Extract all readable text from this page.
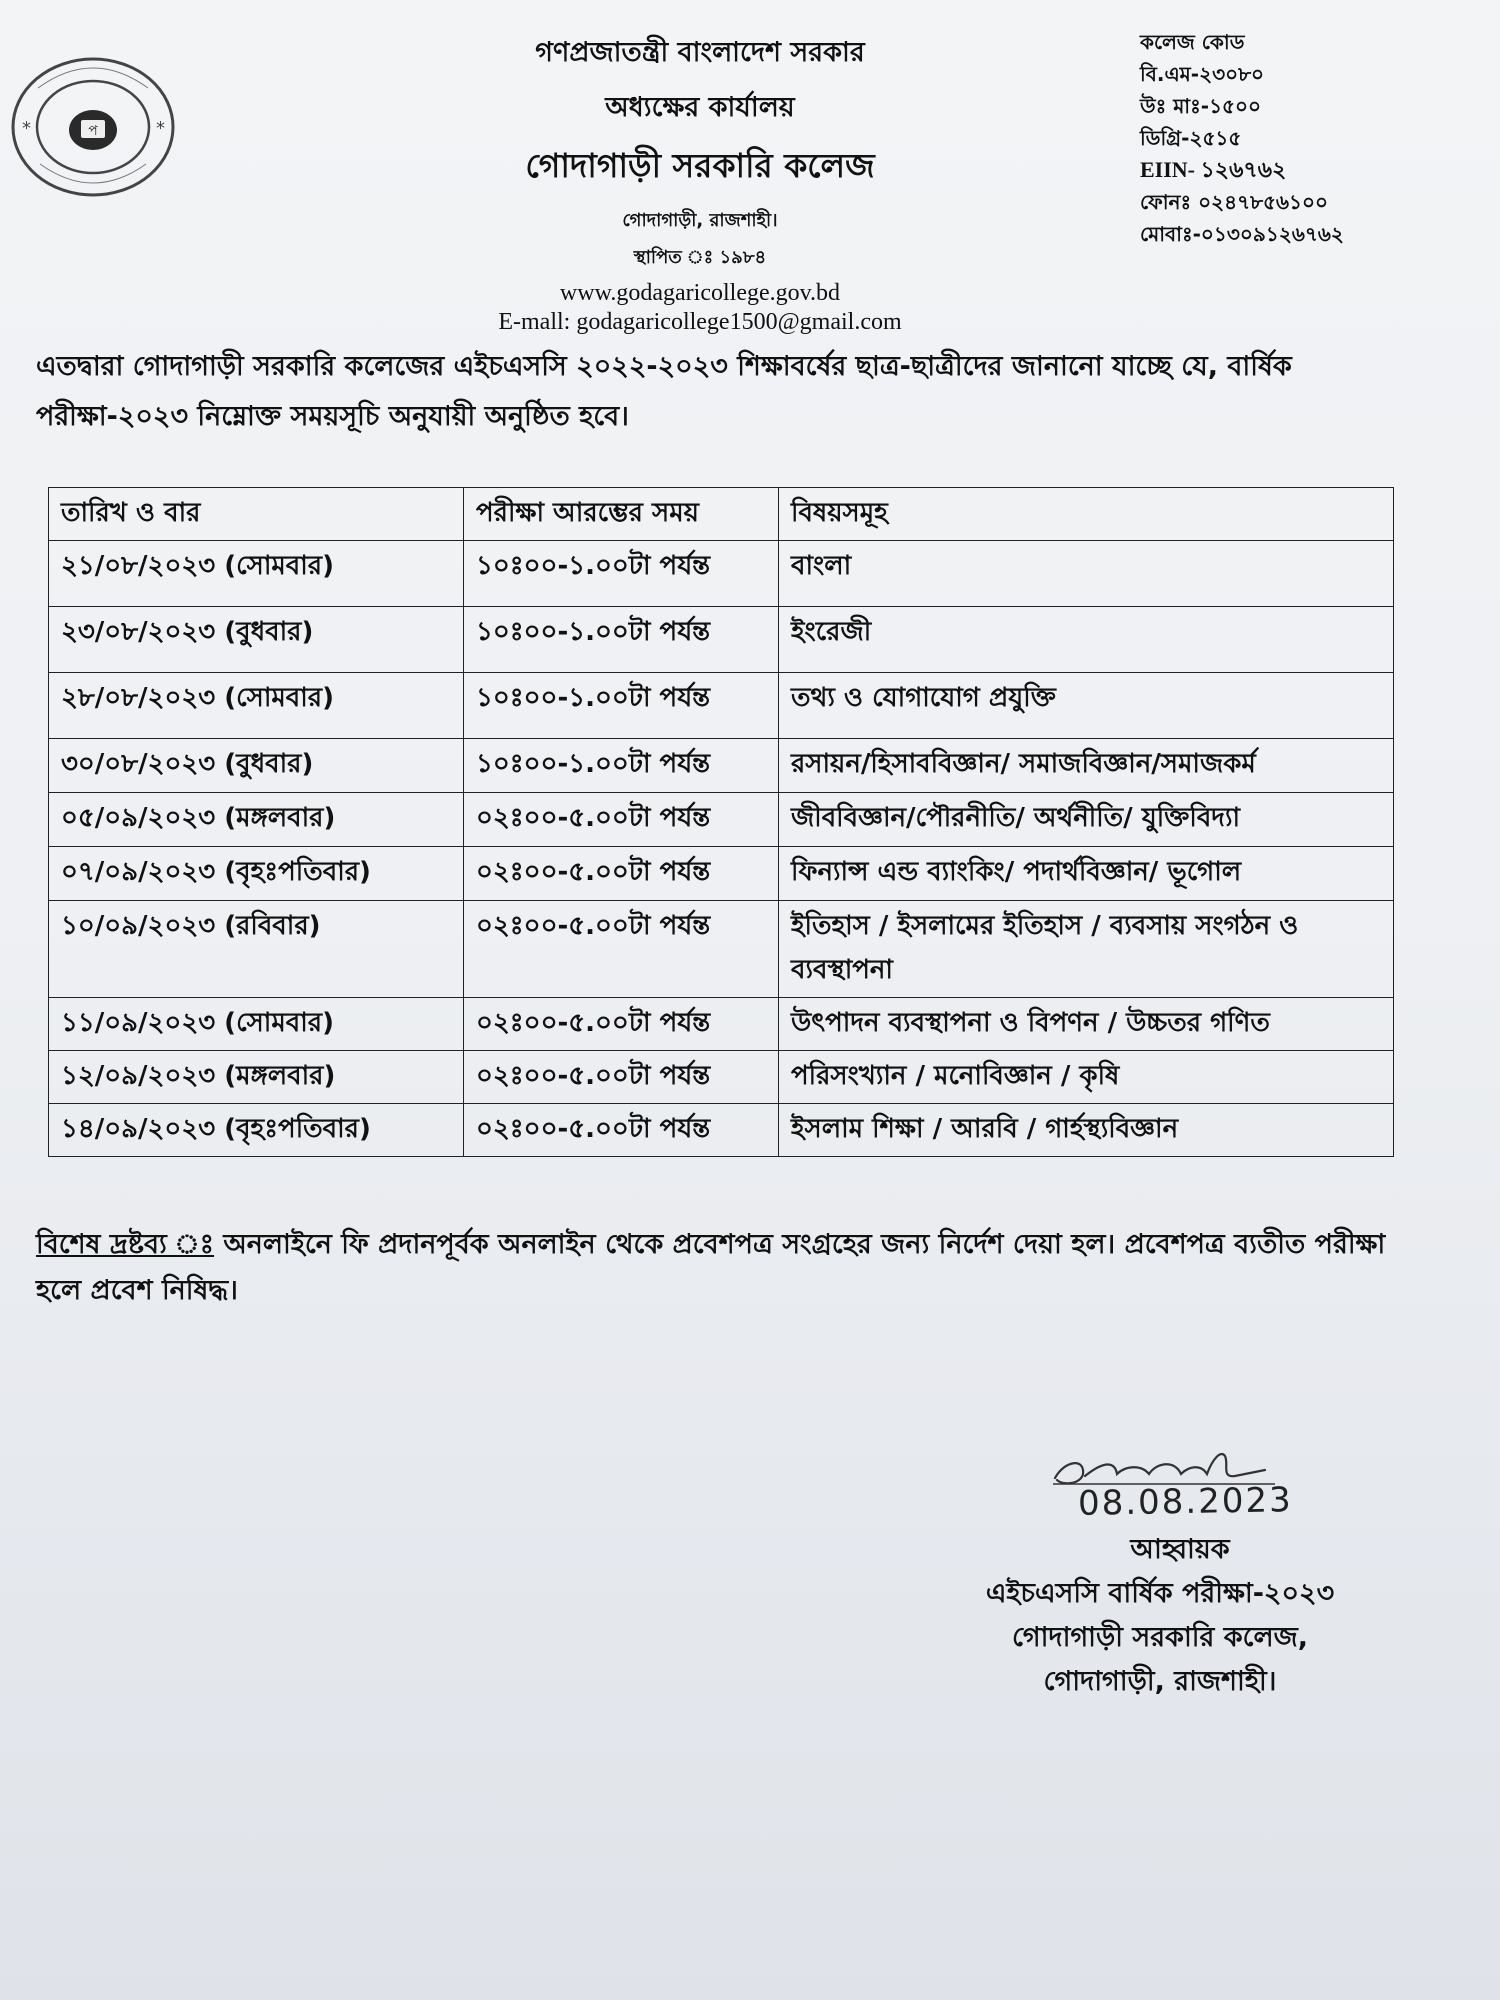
প
*	*
গণপ্রজাতন্ত্রী বাংলাদেশ সরকার
অধ্যক্ষের কার্যালয়
গোদাগাড়ী সরকারি কলেজ
গোদাগাড়ী, রাজশাহী।
স্থাপিত ঃ ১৯৮৪
www.godagaricollege.gov.bd
E-mall: godagaricollege1500@gmail.com
কলেজ কোড
বি.এম-২৩০৮০
উঃ মাঃ-১৫০০
ডিগ্রি-২৫১৫
EIIN- ১২৬৭৬২
ফোনঃ ০২৪৭৮৫৬১০০
মোবাঃ-০১৩০৯১২৬৭৬২
এতদ্বারা গোদাগাড়ী সরকারি কলেজের এইচএসসি ২০২২-২০২৩ শিক্ষাবর্ষের ছাত্র-ছাত্রীদের জানানো যাচ্ছে যে, বার্ষিক পরীক্ষা-২০২৩ নিম্নোক্ত সময়সূচি অনুযায়ী অনুষ্ঠিত হবে।
তারিখ ও বার	পরীক্ষা আরম্ভের সময়	বিষয়সমূহ
২১/০৮/২০২৩ (সোমবার)	১০ঃ০০-১.০০টা পর্যন্ত	বাংলা
২৩/০৮/২০২৩ (বুধবার)	১০ঃ০০-১.০০টা পর্যন্ত	ইংরেজী
২৮/০৮/২০২৩ (সোমবার)	১০ঃ০০-১.০০টা পর্যন্ত	তথ্য ও যোগাযোগ প্রযুক্তি
৩০/০৮/২০২৩ (বুধবার)	১০ঃ০০-১.০০টা পর্যন্ত	রসায়ন/হিসাববিজ্ঞান/ সমাজবিজ্ঞান/সমাজকর্ম
০৫/০৯/২০২৩ (মঙ্গলবার)	০২ঃ০০-৫.০০টা পর্যন্ত	জীববিজ্ঞান/পৌরনীতি/ অর্থনীতি/ যুক্তিবিদ্যা
০৭/০৯/২০২৩ (বৃহঃপতিবার)	০২ঃ০০-৫.০০টা পর্যন্ত	ফিন্যান্স এন্ড ব্যাংকিং/ পদার্থবিজ্ঞান/ ভূগোল
১০/০৯/২০২৩ (রবিবার)	০২ঃ০০-৫.০০টা পর্যন্ত	ইতিহাস / ইসলামের ইতিহাস / ব্যবসায় সংগঠন ও ব্যবস্থাপনা
১১/০৯/২০২৩ (সোমবার)	০২ঃ০০-৫.০০টা পর্যন্ত	উৎপাদন ব্যবস্থাপনা ও বিপণন / উচ্চতর গণিত
১২/০৯/২০২৩ (মঙ্গলবার)	০২ঃ০০-৫.০০টা পর্যন্ত	পরিসংখ্যান / মনোবিজ্ঞান / কৃষি
১৪/০৯/২০২৩ (বৃহঃপতিবার)	০২ঃ০০-৫.০০টা পর্যন্ত	ইসলাম শিক্ষা / আরবি / গার্হস্থ্যবিজ্ঞান
বিশেষ দ্রষ্টব্য ঃ অনলাইনে ফি প্রদানপূর্বক অনলাইন থেকে প্রবেশপত্র সংগ্রহের জন্য নির্দেশ দেয়া হল। প্রবেশপত্র ব্যতীত পরীক্ষা হলে প্রবেশ নিষিদ্ধ।
08.08.2023
আহ্বায়ক
এইচএসসি বার্ষিক পরীক্ষা-২০২৩
গোদাগাড়ী সরকারি কলেজ,
গোদাগাড়ী, রাজশাহী।
